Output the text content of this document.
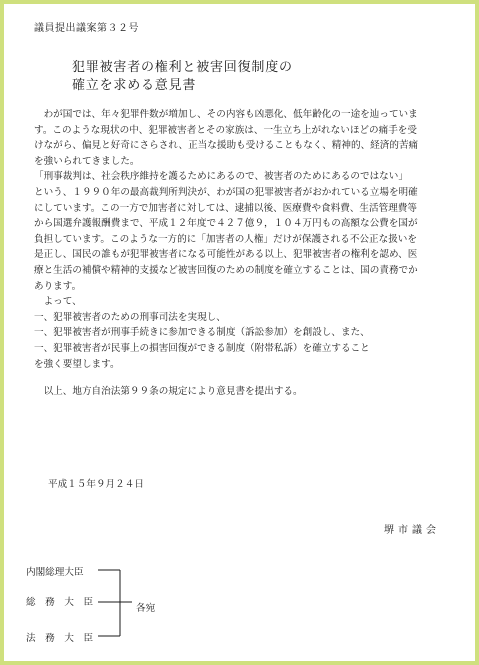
議員提出議案第３２号
犯罪被害者の権利と被害回復制度の
確立を求める意見書

　わが国では、年々犯罪件数が増加し、その内容も凶悪化、低年齢化の一途を辿っていま

す。このような現状の中、犯罪被害者とその家族は、一生立ち上がれないほどの痛手を受

けながら、偏見と好奇にさらされ、正当な援助も受けることもなく、精神的、経済的苦痛

を強いられてきました。

「刑事裁判は、社会秩序維持を護るためにあるので、被害者のためにあるのではない」

という、１９９０年の最高裁判所判決が、わが国の犯罪被害者がおかれている立場を明確

にしています。この一方で加害者に対しては、逮捕以後、医療費や食料費、生活管理費等

から国選弁護報酬費まで、平成１２年度で４２７億９，１０４万円もの高額な公費を国が

負担しています。このような一方的に「加害者の人権」だけが保護される不公正な扱いを

是正し、国民の誰もが犯罪被害者になる可能性がある以上、犯罪被害者の権利を認め、医

療と生活の補償や精神的支援など被害回復のための制度を確立することは、国の責務でか

あります。

　よって、

一、犯罪被害者のための刑事司法を実現し、

一、犯罪被害者が刑事手続きに参加できる制度（訴訟参加）を創設し、また、

一、犯罪被害者が民事上の損害回復ができる制度（附帯私訴）を確立すること

を強く要望します。

　以上、地方自治法第９９条の規定により意見書を提出する。

平成１５年９月２４日
堺市議会
内閣総理大臣
総　務　大　臣
法　務　大　臣
各宛
